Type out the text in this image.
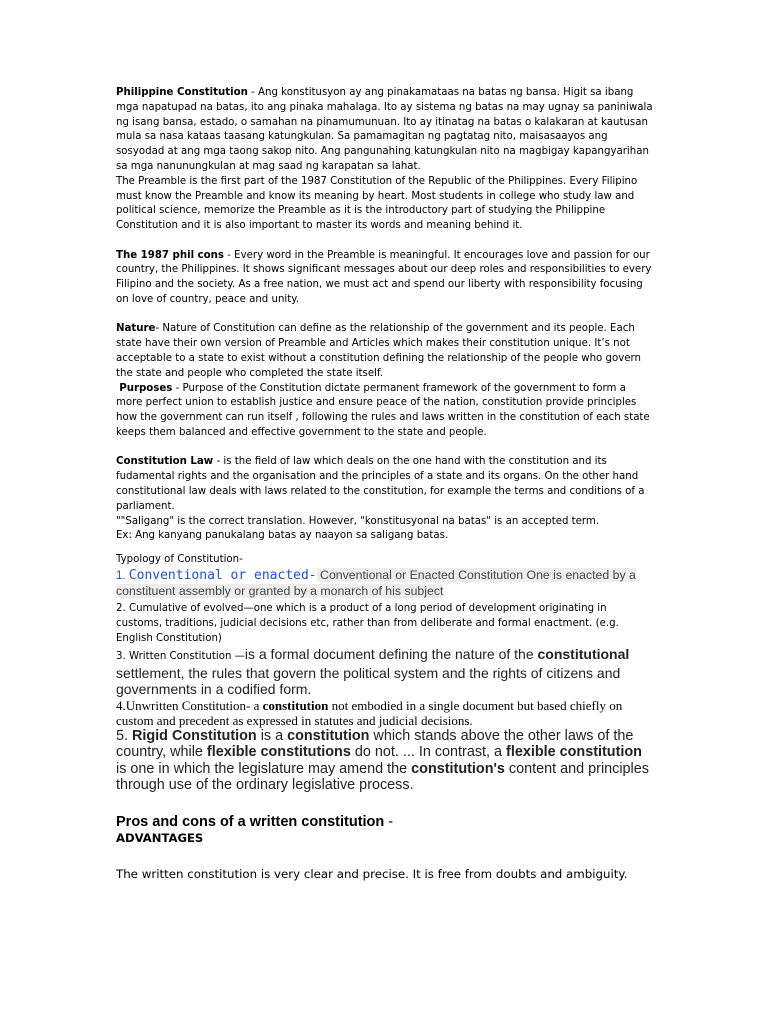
Philippine Constitution - Ang konstitusyon ay ang pinakamataas na batas ng bansa. Higit sa ibang mga napatupad na batas, ito ang pinaka mahalaga. Ito ay sistema ng batas na may ugnay sa paniniwala ng isang bansa, estado, o samahan na pinamumunuan. Ito ay itinatag na batas o kalakaran at kautusan mula sa nasa kataas taasang katungkulan. Sa pamamagitan ng pagtatag nito, maisasaayos ang sosyodad at ang mga taong sakop nito. Ang pangunahing katungkulan nito na magbigay kapangyarihan sa mga nanunungkulan at mag saad ng karapatan sa lahat.

The Preamble is the first part of the 1987 Constitution of the Republic of the Philippines. Every Filipino must know the Preamble and know its meaning by heart. Most students in college who study law and political science, memorize the Preamble as it is the introductory part of studying the Philippine Constitution and it is also important to master its words and meaning behind it.

The 1987 phil cons - Every word in the Preamble is meaningful. It encourages love and passion for our country, the Philippines. It shows significant messages about our deep roles and responsibilities to every Filipino and the society. As a free nation, we must act and spend our liberty with responsibility focusing on love of country, peace and unity.

Nature- Nature of Constitution can define as the relationship of the government and its people. Each state have their own version of Preamble and Articles which makes their constitution unique. It’s not acceptable to a state to exist without a constitution defining the relationship of the people who govern the state and people who completed the state itself.

Purposes - Purpose of the Constitution dictate permanent framework of the government to form a more perfect union to establish justice and ensure peace of the nation, constitution provide principles how the government can run itself , following the rules and laws written in the constitution of each state keeps them balanced and effective government to the state and people.

Constitution Law - is the field of law which deals on the one hand with the constitution and its fudamental rights and the organisation and the principles of a state and its organs. On the other hand constitutional law deals with laws related to the constitution, for example the terms and conditions of a parliament.

""Saligang" is the correct translation. However, "konstitusyonal na batas" is an accepted term.

Ex: Ang kanyang panukalang batas ay naayon sa saligang batas.

Typology of Constitution-

1. Conventional or enacted- Conventional or Enacted Constitution One is enacted by a constituent assembly or granted by a monarch of his subject

2. Cumulative of evolved—one which is a product of a long period of development originating in customs, traditions, judicial decisions etc, rather than from deliberate and formal enactment. (e.g. English Constitution)

3. Written Constitution —is a formal document defining the nature of the constitutional settlement, the rules that govern the political system and the rights of citizens and governments in a codified form.

4.Unwritten Constitution- a constitution not embodied in a single document but based chiefly on custom and precedent as expressed in statutes and judicial decisions.

5. Rigid Constitution is a constitution which stands above the other laws of the country, while flexible constitutions do not. ... In contrast, a flexible constitution is one in which the legislature may amend the constitution's content and principles through use of the ordinary legislative process.

Pros and cons of a written constitution -

ADVANTAGES

The written constitution is very clear and precise. It is free from doubts and ambiguity.
